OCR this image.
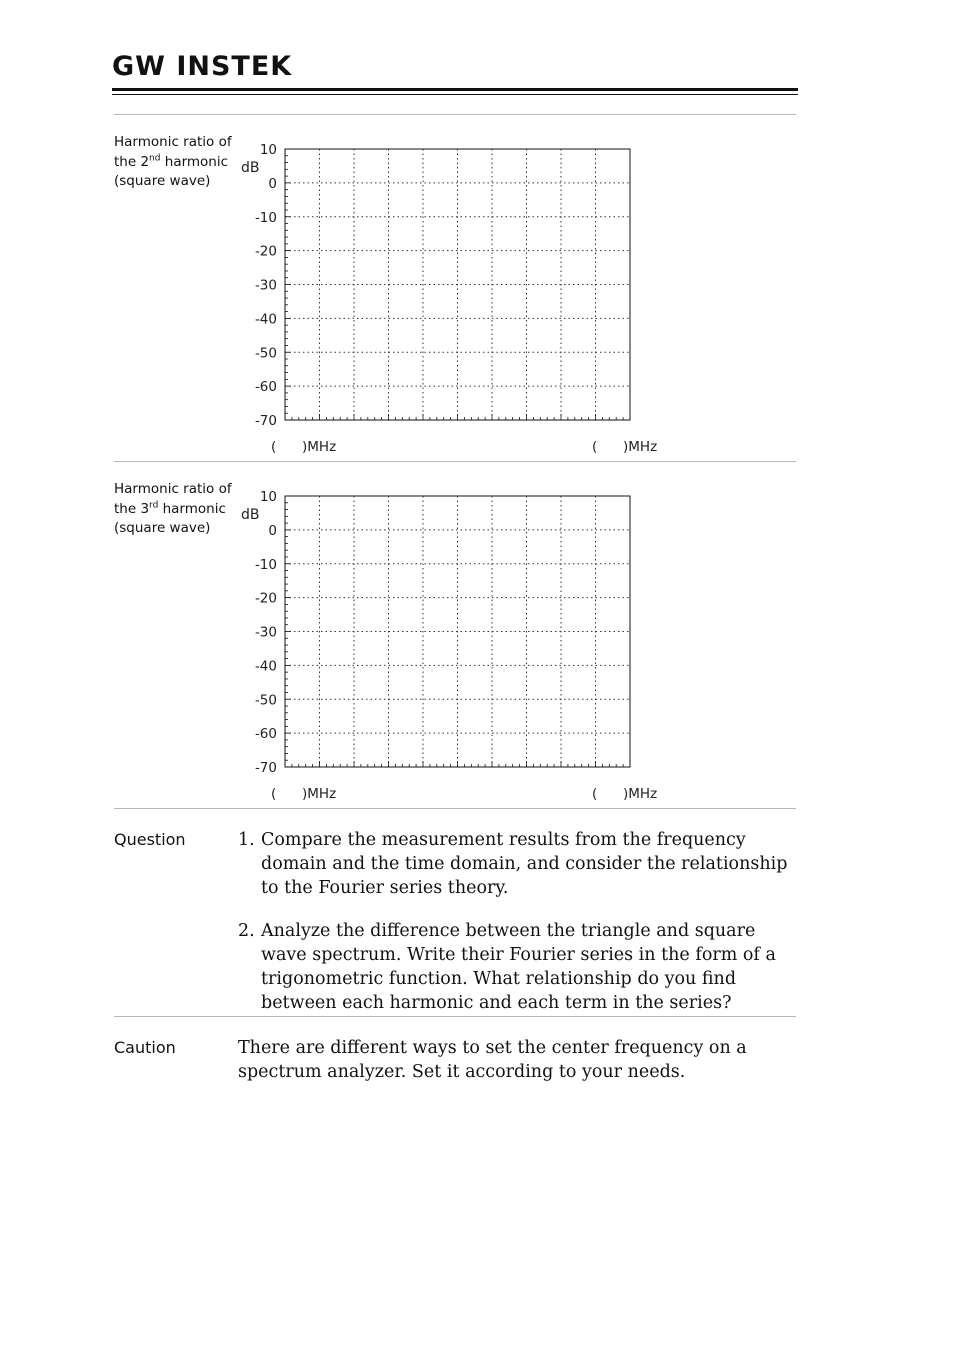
GW INSTEK
Harmonic ratio of
the 2nd harmonic
(square wave)
10
0
-10
-20
-30
-40
-50
-60
-70
dB
(      )MHz	(      )MHz
Harmonic ratio of
the 3rd harmonic
(square wave)
10
0
-10
-20
-30
-40
-50
-60
-70
dB
(      )MHz	(      )MHz
Question	1. Compare the measurement results from the frequency domain and the time domain, and consider the relationship to the Fourier series theory.
2. Analyze the difference between the triangle and square wave spectrum. Write their Fourier series in the form of a trigonometric function. What relationship do you find between each harmonic and each term in the series?
Caution	There are different ways to set the center frequency on a spectrum analyzer. Set it according to your needs.
